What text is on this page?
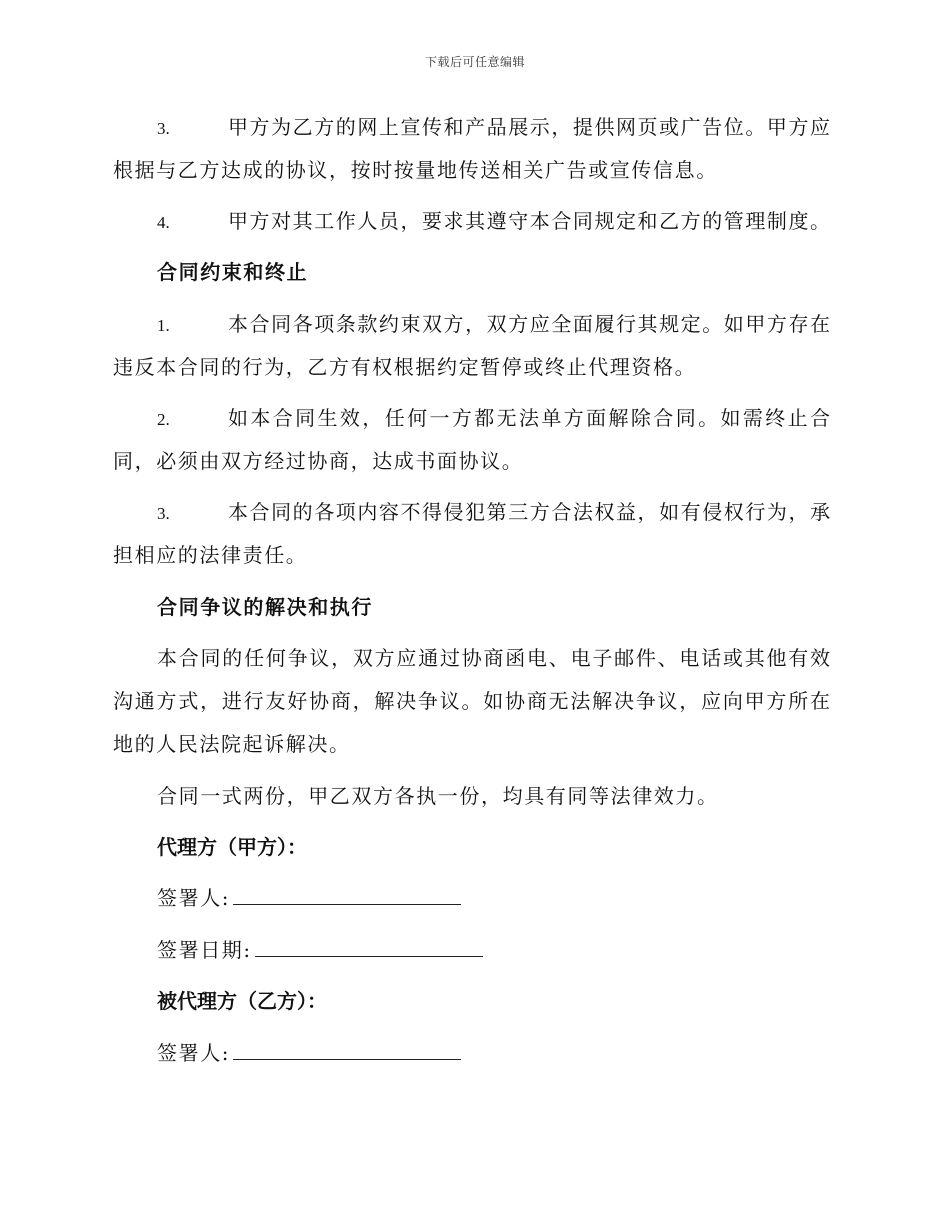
下载后可任意编辑
3.	甲方为乙方的网上宣传和产品展示，提供网页或广告位。甲方应
根据与乙方达成的协议，按时按量地传送相关广告或宣传信息。
4.	甲方对其工作人员，要求其遵守本合同规定和乙方的管理制度。
合同约束和终止
1.	本合同各项条款约束双方，双方应全面履行其规定。如甲方存在
违反本合同的行为，乙方有权根据约定暂停或终止代理资格。
2.	如本合同生效，任何一方都无法单方面解除合同。如需终止合
同，必须由双方经过协商，达成书面协议。
3.	本合同的各项内容不得侵犯第三方合法权益，如有侵权行为，承
担相应的法律责任。
合同争议的解决和执行
本合同的任何争议，双方应通过协商函电、电子邮件、电话或其他有效
沟通方式，进行友好协商，解决争议。如协商无法解决争议，应向甲方所在
地的人民法院起诉解决。
合同一式两份，甲乙双方各执一份，均具有同等法律效力。
代理方（甲方）：
签署人:
签署日期:
被代理方（乙方）：
签署人:
